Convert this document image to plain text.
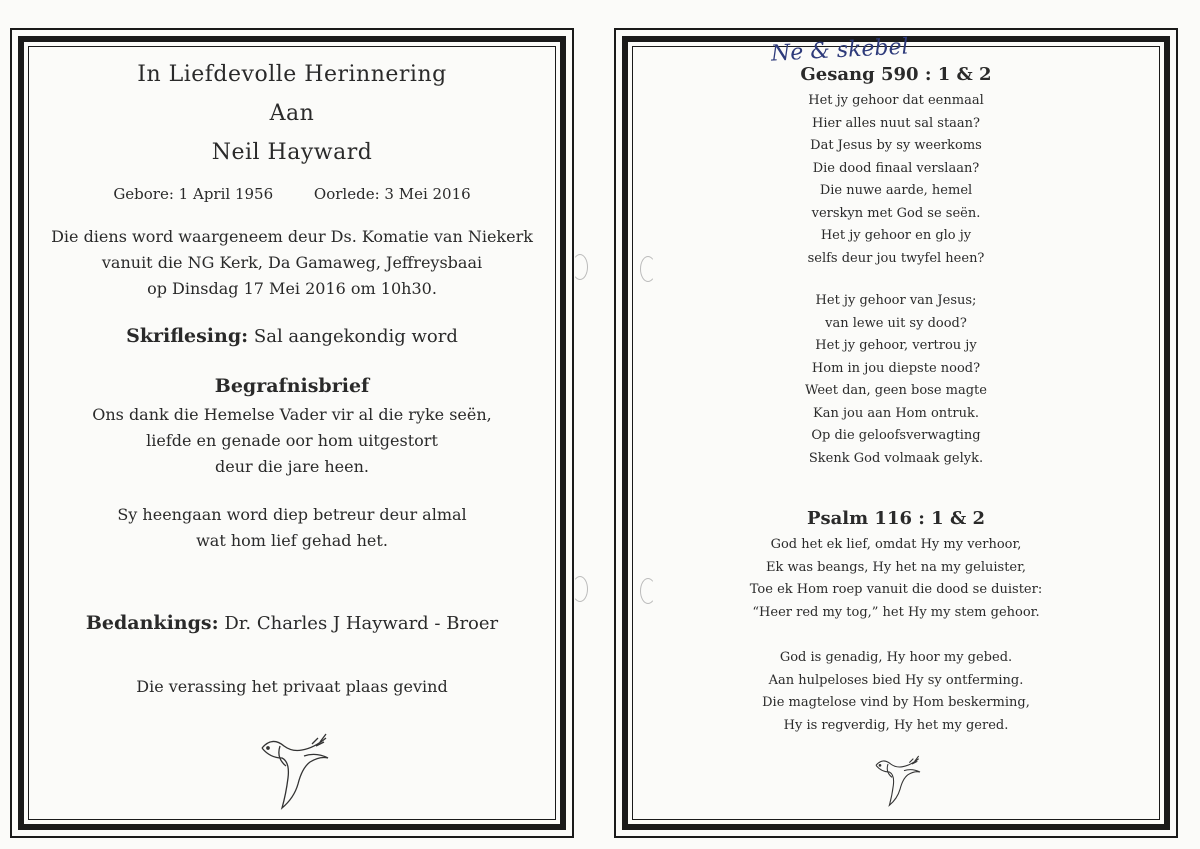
In Liefdevolle Herinnering
Aan
Neil Hayward
Gebore: 1 April 1956	Oorlede: 3 Mei 2016
Die diens word waargeneem deur Ds. Komatie van Niekerk
vanuit die NG Kerk, Da Gamaweg, Jeffreysbaai
op Dinsdag 17 Mei 2016 om 10h30.
Skriflesing: Sal aangekondig word
Begrafnisbrief
Ons dank die Hemelse Vader vir al die ryke seën,
liefde en genade oor hom uitgestort
deur die jare heen.
Sy heengaan word diep betreur deur almal
wat hom lief gehad het.
Bedankings: Dr. Charles J Hayward - Broer
Die verassing het privaat plaas gevind
Ne & skebel
Gesang 590 : 1 & 2
Het jy gehoor dat eenmaal
Hier alles nuut sal staan?
Dat Jesus by sy weerkoms
Die dood finaal verslaan?
Die nuwe aarde, hemel
verskyn met God se seën.
Het jy gehoor en glo jy
selfs deur jou twyfel heen?
Het jy gehoor van Jesus;
van lewe uit sy dood?
Het jy gehoor, vertrou jy
Hom in jou diepste nood?
Weet dan, geen bose magte
Kan jou aan Hom ontruk.
Op die geloofsverwagting
Skenk God volmaak gelyk.
Psalm 116 : 1 & 2
God het ek lief, omdat Hy my verhoor,
Ek was beangs, Hy het na my geluister,
Toe ek Hom roep vanuit die dood se duister:
“Heer red my tog,” het Hy my stem gehoor.
God is genadig, Hy hoor my gebed.
Aan hulpeloses bied Hy sy ontferming.
Die magtelose vind by Hom beskerming,
Hy is regverdig, Hy het my gered.
